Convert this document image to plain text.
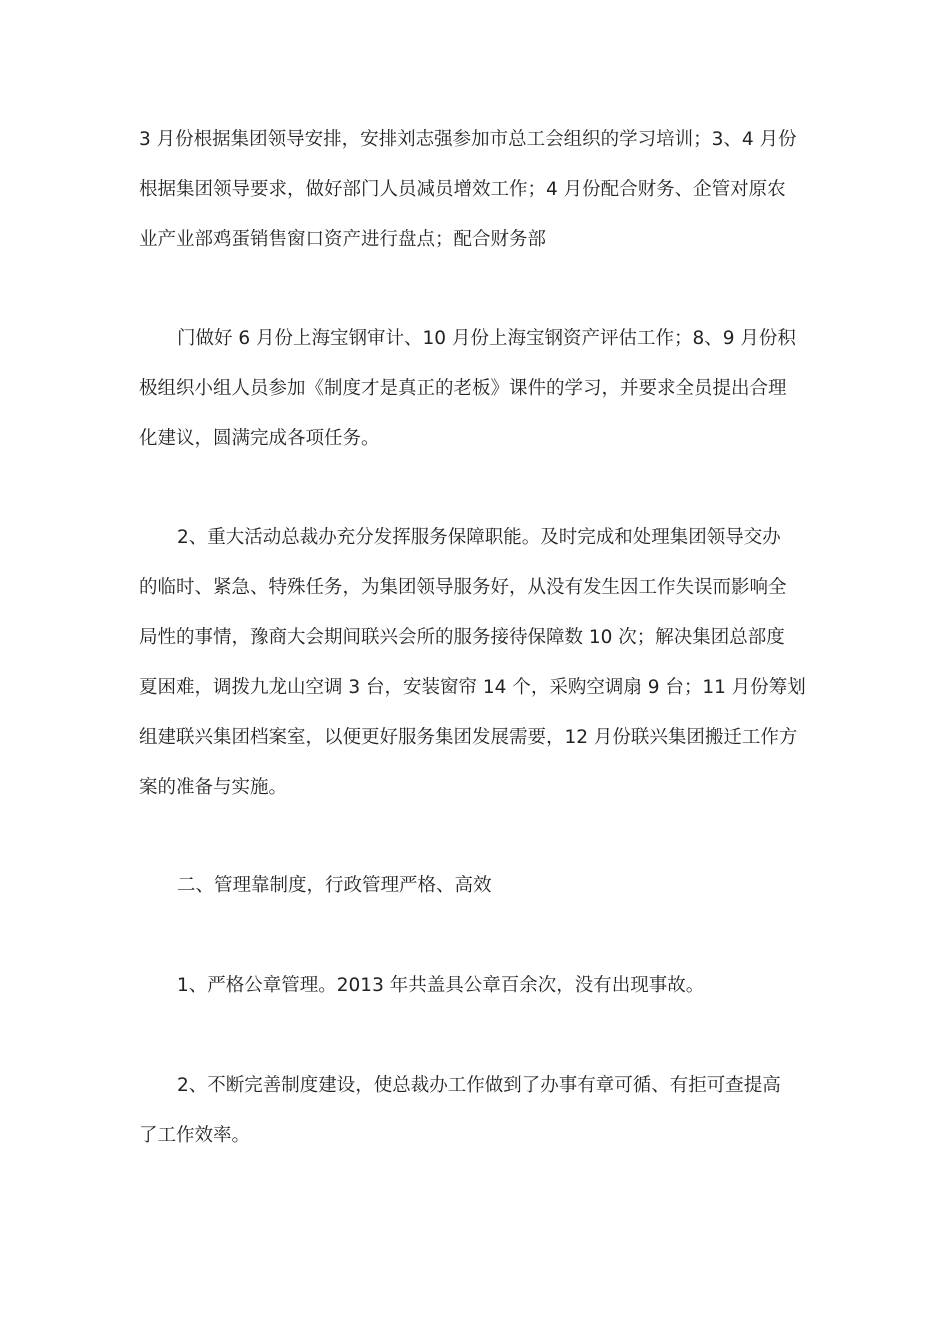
3 月份根据集团领导安排，安排刘志强参加市总工会组织的学习培训；3、4 月份
根据集团领导要求，做好部门人员减员增效工作；4 月份配合财务、企管对原农
业产业部鸡蛋销售窗口资产进行盘点；配合财务部
门做好 6 月份上海宝钢审计、10 月份上海宝钢资产评估工作；8、9 月份积
极组织小组人员参加《制度才是真正的老板》课件的学习，并要求全员提出合理
化建议，圆满完成各项任务。
2、重大活动总裁办充分发挥服务保障职能。及时完成和处理集团领导交办
的临时、紧急、特殊任务，为集团领导服务好，从没有发生因工作失误而影响全
局性的事情，豫商大会期间联兴会所的服务接待保障数 10 次；解决集团总部度
夏困难，调拨九龙山空调 3 台，安装窗帘 14 个，采购空调扇 9 台；11 月份筹划
组建联兴集团档案室，以便更好服务集团发展需要，12 月份联兴集团搬迁工作方
案的准备与实施。
二、管理靠制度，行政管理严格、高效
1、严格公章管理。2013 年共盖具公章百余次，没有出现事故。
2、不断完善制度建设，使总裁办工作做到了办事有章可循、有拒可查提高
了工作效率。
